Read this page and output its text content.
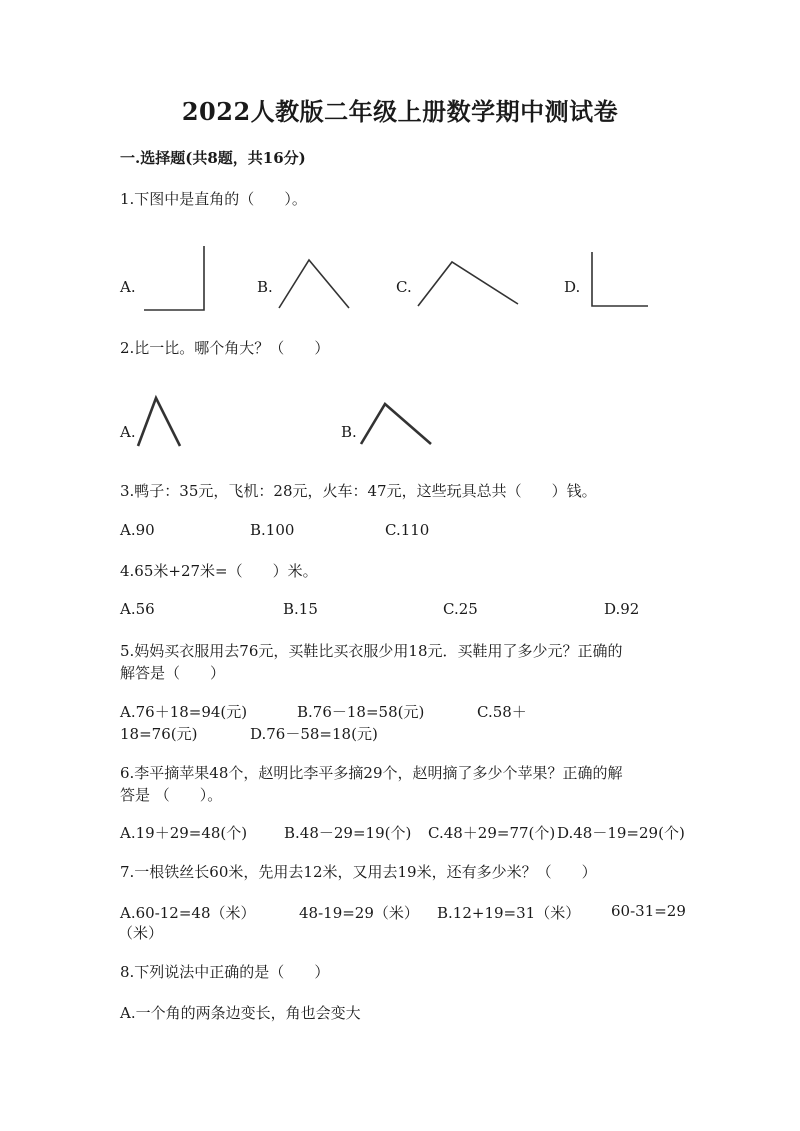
2022人教版二年级上册数学期中测试卷
一.选择题(共8题，共16分)
1.下图中是直角的（　　）。
A.	B.	C.	D.
2.比一比。哪个角大？（　　）
A.	B.
3.鸭子：35元，飞机：28元，火车：47元，这些玩具总共（　　）钱。
A.90	B.100	C.110
4.65米+27米=（　　）米。
A.56	B.15	C.25	D.92
5.妈妈买衣服用去76元，买鞋比买衣服少用18元．买鞋用了多少元？正确的
解答是（　　）
A.76＋18=94(元)	B.76－18=58(元)	C.58＋
18=76(元)	D.76－58=18(元)
6.李平摘苹果48个，赵明比李平多摘29个，赵明摘了多少个苹果？正确的解
答是 （　　）。
A.19＋29=48(个) B.48－29=19(个) C.48＋29=77(个) D.48－19=29(个)
7.一根铁丝长60米，先用去12米，又用去19米，还有多少米？（　　）
A.60-12=48（米）	48-19=29（米） B.12+19=31（米） 60-31=29
（米）
8.下列说法中正确的是（　　）
A.一个角的两条边变长，角也会变大
